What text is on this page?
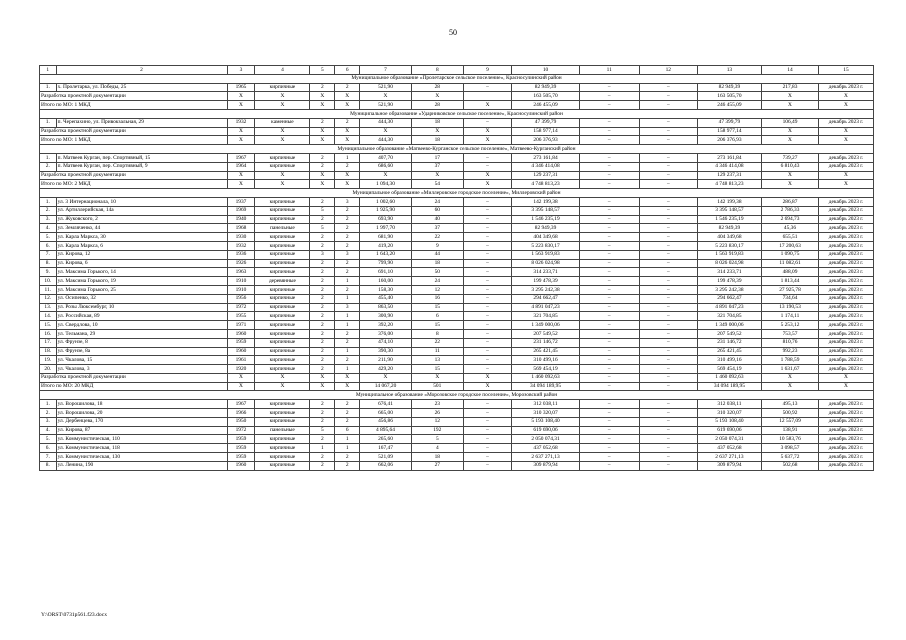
50
1	2	3	4	5	6	7	8	9	10	11	12	13	14	15
Муниципальное образование «Пролетарское сельское поселение», Красносулинский район														
1.	х. Пролетарка, ул. Победы, 25	1965	кирпичные	2	2	521,90	28	–	82 949,39	–	–	82 949,39	217,83	декабрь 2023 г.
Разработка проектной документации		X	X	X	X	X	X		163 505,70	–	–	163 505,70	X	X
Итого по МО: 1 МКД		X	X	X	X	521,90	28	X	246 455,09	–	–	246 455,09	X	X
Муниципальное образование «Ударниковское сельское поселение», Красносулинский район														
1.	п. Черепахино, ул. Привокзальная, 29	1932	каменные	2	2	444,30	18	–	47 399,79	–	–	47 399,79	106,49	декабрь 2023 г.
Разработка проектной документации		X	X	X	X	X	X	X	158 977,14	–	–	158 977,14	X	X
Итого по МО: 1 МКД		X	X	X	X	444,30	18	X	206 376,93	–	–	206 376,93	X	X
Муниципальное образование «Матвеево-Курганское сельское поселение», Матвеево-Курганский район														
1.	п. Матвеев Курган, пер. Спортивный, 15	1967	кирпичные	2	1	407,70	17	–	273 161,84	–	–	273 161,84	739,27	декабрь 2023 г.
2.	п. Матвеев Курган, пер. Спортивный, 9	1964	кирпичные	2	2	686,60	37	–	4 346 414,08	–	–	4 346 414,08	6 810,43	декабрь 2023 г.
Разработка проектной документации		X	X	X	X	X	X	X	129 237,31	–	–	129 237,31	X	X
Итого по МО: 2 МКД		X	X	X	X	1 094,30	54	X	4 748 813,23	–	–	4 748 813,23	X	X
Муниципальное образование «Миллеровское городское поселение», Миллеровский район														
1.	ул. 3 Интернационала, 10	1937	кирпичные	2	3	1 002,60	24	–	142 199,38	–	–	142 199,38	286,87	декабрь 2023 г.
2.	ул. Артиллерийская, 14а	1969	кирпичные	5	2	1 925,90	60	–	3 395 148,57	–	–	3 395 148,57	2 786,33	декабрь 2023 г.
3.	ул. Жуковского, 2	1940	кирпичные	2	2	693,90	40	–	1 546 235,19	–	–	1 546 235,19	2 694,73	декабрь 2023 г.
4.	ул. Земляченко, 44	1968	панельные	5	2	1 997,70	37	–	82 949,39	–	–	82 949,39	45,36	декабрь 2023 г.
5.	ул. Карла Маркса, 30	1930	кирпичные	2	2	681,90	22	–	404 349,68	–	–	404 349,68	655,51	декабрь 2023 г.
6.	ул. Карла Маркса, 6	1932	кирпичные	2	2	419,20	9	–	5 223 830,17	–	–	5 223 830,17	17 200,63	декабрь 2023 г.
7.	ул. Кирова, 12	1936	кирпичные	3	3	1 643,20	44	–	1 563 919,83	–	–	1 563 919,83	1 090,75	декабрь 2023 г.
8.	ул. Кирова, 6	1926	кирпичные	2	2	799,90	18	–	8 026 024,98	–	–	8 026 024,98	11 082,61	декабрь 2023 г.
9.	ул. Максима Горького, 14	1963	кирпичные	2	2	691,10	50	–	314 233,71	–	–	314 233,71	488,09	декабрь 2023 г.
10.	ул. Максима Горького, 19	1910	деревянные	2	1	160,00	24	–	199 478,39	–	–	199 478,39	1 813,44	декабрь 2023 г.
11.	ул. Максима Горького, 25	1910	кирпичные	2	2	158,30	12	–	3 295 242,38	–	–	3 295 242,38	27 925,78	декабрь 2023 г.
12.	ул. Осипенко, 32	1956	кирпичные	2	1	455,40	16	–	294 662,47	–	–	294 662,47	734,64	декабрь 2023 г.
13.	ул. Розы Люксембург, 10	1972	кирпичные	2	3	863,50	15	–	4 891 047,23	–	–	4 891 047,23	13 190,53	декабрь 2023 г.
14.	ул. Российская, 89	1955	кирпичные	2	1	300,90	6	–	321 704,85	–	–	321 704,85	1 174,11	декабрь 2023 г.
15.	ул. Свердлова, 10	1971	кирпичные	2	1	392,20	15	–	1 349 000,06	–	–	1 349 000,06	5 253,12	декабрь 2023 г.
16.	ул. Тельмана, 29	1960	кирпичные	2	2	376,00	8	–	207 549,52	–	–	207 549,52	753,57	декабрь 2023 г.
17.	ул. Фрунзе, 8	1959	кирпичные	2	2	474,10	22	–	231 146,72	–	–	231 146,72	810,76	декабрь 2023 г.
18.	ул. Фрунзе, 8а	1960	кирпичные	2	1	390,30	11	–	265 421,45	–	–	265 421,45	992,23	декабрь 2023 г.
19.	ул. Чкалова, 15	1961	кирпичные	2	2	211,90	13	–	310 499,16	–	–	310 499,16	1 788,59	декабрь 2023 г.
20.	ул. Чкалова, 3	1920	кирпичные	2	1	429,20	15	–	569 454,19	–	–	569 454,19	1 631,67	декабрь 2023 г.
Разработка проектной документации		X	X	X	X	X	X	X	1 460 092,63	–	–	1 460 092,63	X	X
Итого по МО: 20 МКД		X	X	X	X	14 067,20	501	X	34 094 189,95	–	–	34 094 189,95	X	X
Муниципальное образование «Морозовское городское поселение», Морозовский район														
1.	ул. Ворошилова, 18	1967	кирпичные	2	2	676,41	23	–	312 038,11	–	–	312 038,11	495,13	декабрь 2023 г.
2.	ул. Ворошилова, 20	1966	кирпичные	2	2	665,00	26	–	310 320,07	–	–	310 320,07	500,92	декабрь 2023 г.
3.	ул. Дербенцева, 170	1950	кирпичные	2	2	456,86	12	–	5 193 108,40	–	–	5 193 108,40	12 557,09	декабрь 2023 г.
4.	ул. Кирова, 87	1972	панельные	5	6	4 895,64	192	–	619 690,06	–	–	619 690,06	138,91	декабрь 2023 г.
5.	ул. Коммунистическая, 110	1959	кирпичные	2	1	265,60	5	–	2 050 074,31	–	–	2 050 074,31	10 583,76	декабрь 2023 г.
6.	ул. Коммунистическая, 118	1959	кирпичные	1	1	167,47	4	–	437 052,68	–	–	437 052,68	3 098,57	декабрь 2023 г.
7.	ул. Коммунистическая, 130	1959	кирпичные	2	2	521,09	18	–	2 637 271,13	–	–	2 637 271,13	5 637,72	декабрь 2023 г.
8.	ул. Ленина, 190	1960	кирпичные	2	2	662,06	27	–	309 879,94	–	–	309 879,94	502,68	декабрь 2023 г.
Y:\ORST\0731p561.f23.docx
